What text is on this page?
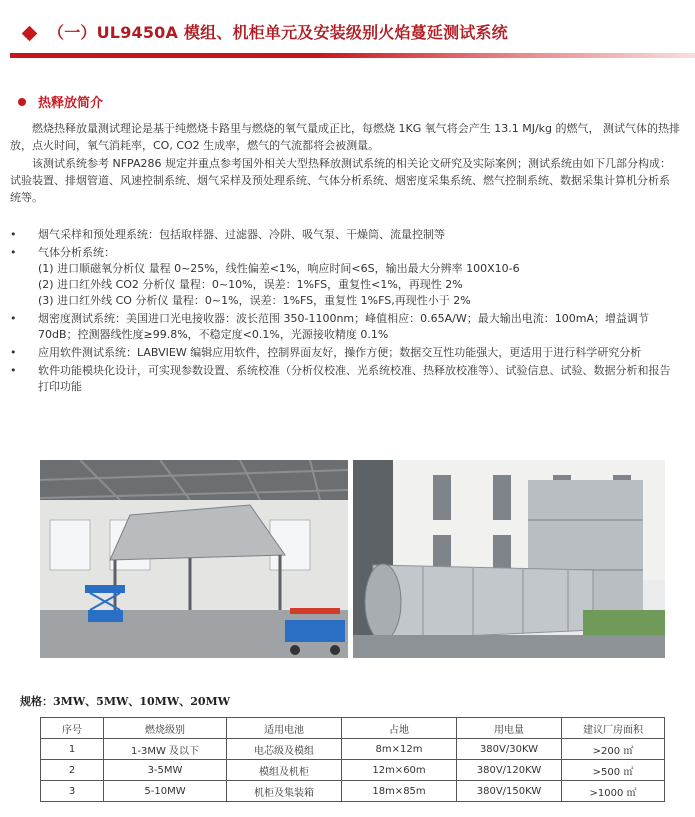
（一）UL9450A 模组、机柜单元及安装级别火焰蔓延测试系统
热释放简介

燃烧热释放量测试理论是基于纯燃烧卡路里与燃烧的氧气量成正比，每燃烧 1KG 氧气将会产生 13.1 MJ/kg 的燃气， 测试气体的热排放，点火时间，氧气消耗率，CO, CO2 生成率，燃气的气流都将会被测量。

该测试系统参考 NFPA286 规定并重点参考国外相关大型热释放测试系统的相关论文研究及实际案例；测试系统由如下几部分构成：试验装置、排烟管道、风速控制系统、烟气采样及预处理系统、气体分析系统、烟密度采集系统、燃气控制系统、数据采集计算机分析系统等。

• 烟气采样和预处理系统：包括取样器、过滤器、冷阱、吸气泵、干燥筒、流量控制等
• 气体分析系统：
(1) 进口顺磁氧分析仪 量程 0~25%，线性偏差<1%，响应时间<6S，输出最大分辨率 100X10-6
(2) 进口红外线 CO2 分析仪 量程：0~10%，误差：1%FS，重复性<1%，再现性 2%
(3) 进口红外线 CO 分析仪 量程：0~1%，误差：1%FS，重复性 1%FS,再现性小于 2%
• 烟密度测试系统：美国进口光电接收器：波长范围 350-1100nm；峰值相应：0.65A/W；最大输出电流：100mA；增益调节 70dB；控测器线性度≥99.8%，不稳定度<0.1%，光源接收精度 0.1%
• 应用软件测试系统：LABVIEW 编辑应用软件，控制界面友好，操作方便；数据交互性功能强大，更适用于进行科学研究分析
• 软件功能模块化设计，可实现参数设置、系统校准（分析仪校准、光系统校准、热释放校准等）、试验信息、试验、数据分析和报告打印功能
规格：3MW、5MW、10MW、20MW
序号	燃烧级别	适用电池	占地	用电量	建议厂房面积
1	1-3MW 及以下	电芯级及模组	8m×12m	380V/30KW	>200 ㎡
2	3-5MW	模组及机柜	12m×60m	380V/120KW	>500 ㎡
3	5-10MW	机柜及集装箱	18m×85m	380V/150KW	>1000 ㎡
